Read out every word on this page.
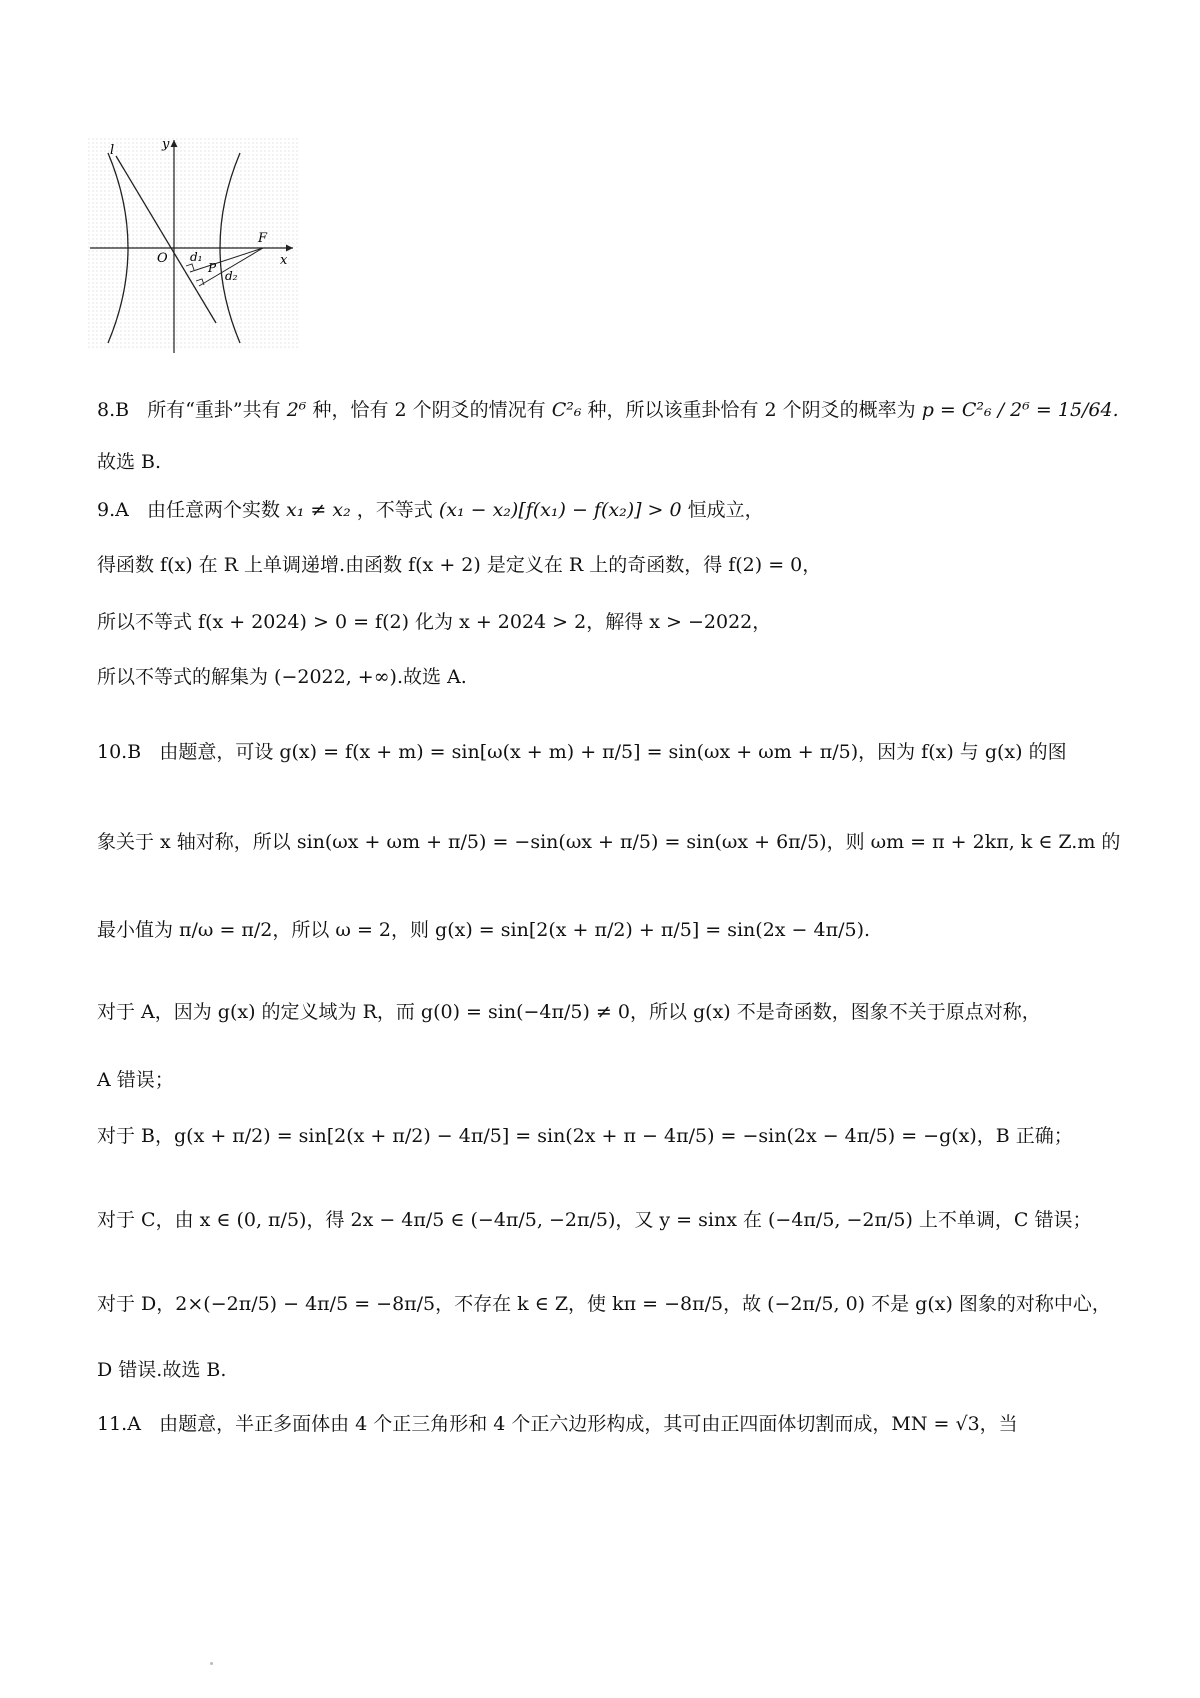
l	y
F
O	x
d₁
P
d₂
8.B 所有“重卦”共有 2⁶ 种，恰有 2 个阴爻的情况有 C²₆ 种，所以该重卦恰有 2 个阴爻的概率为 p = C²₆ / 2⁶ = 15/64.
故选 B.
9.A 由任意两个实数 x₁ ≠ x₂ ，不等式 (x₁ − x₂)[f(x₁) − f(x₂)] > 0 恒成立，
得函数 f(x) 在 R 上单调递增.由函数 f(x + 2) 是定义在 R 上的奇函数，得 f(2) = 0，
所以不等式 f(x + 2024) > 0 = f(2) 化为 x + 2024 > 2，解得 x > −2022，
所以不等式的解集为 (−2022, +∞).故选 A.
10.B 由题意，可设 g(x) = f(x + m) = sin[ω(x + m) + π/5] = sin(ωx + ωm + π/5)，因为 f(x) 与 g(x) 的图
象关于 x 轴对称，所以 sin(ωx + ωm + π/5) = −sin(ωx + π/5) = sin(ωx + 6π/5)，则 ωm = π + 2kπ, k ∈ Z.m 的
最小值为 π/ω = π/2，所以 ω = 2，则 g(x) = sin[2(x + π/2) + π/5] = sin(2x − 4π/5).
对于 A，因为 g(x) 的定义域为 R，而 g(0) = sin(−4π/5) ≠ 0，所以 g(x) 不是奇函数，图象不关于原点对称，
A 错误；
对于 B，g(x + π/2) = sin[2(x + π/2) − 4π/5] = sin(2x + π − 4π/5) = −sin(2x − 4π/5) = −g(x)，B 正确；
对于 C，由 x ∈ (0, π/5)，得 2x − 4π/5 ∈ (−4π/5, −2π/5)，又 y = sinx 在 (−4π/5, −2π/5) 上不单调，C 错误；
对于 D，2×(−2π/5) − 4π/5 = −8π/5，不存在 k ∈ Z，使 kπ = −8π/5，故 (−2π/5, 0) 不是 g(x) 图象的对称中心，
D 错误.故选 B.
11.A 由题意，半正多面体由 4 个正三角形和 4 个正六边形构成，其可由正四面体切割而成，MN = √3，当
